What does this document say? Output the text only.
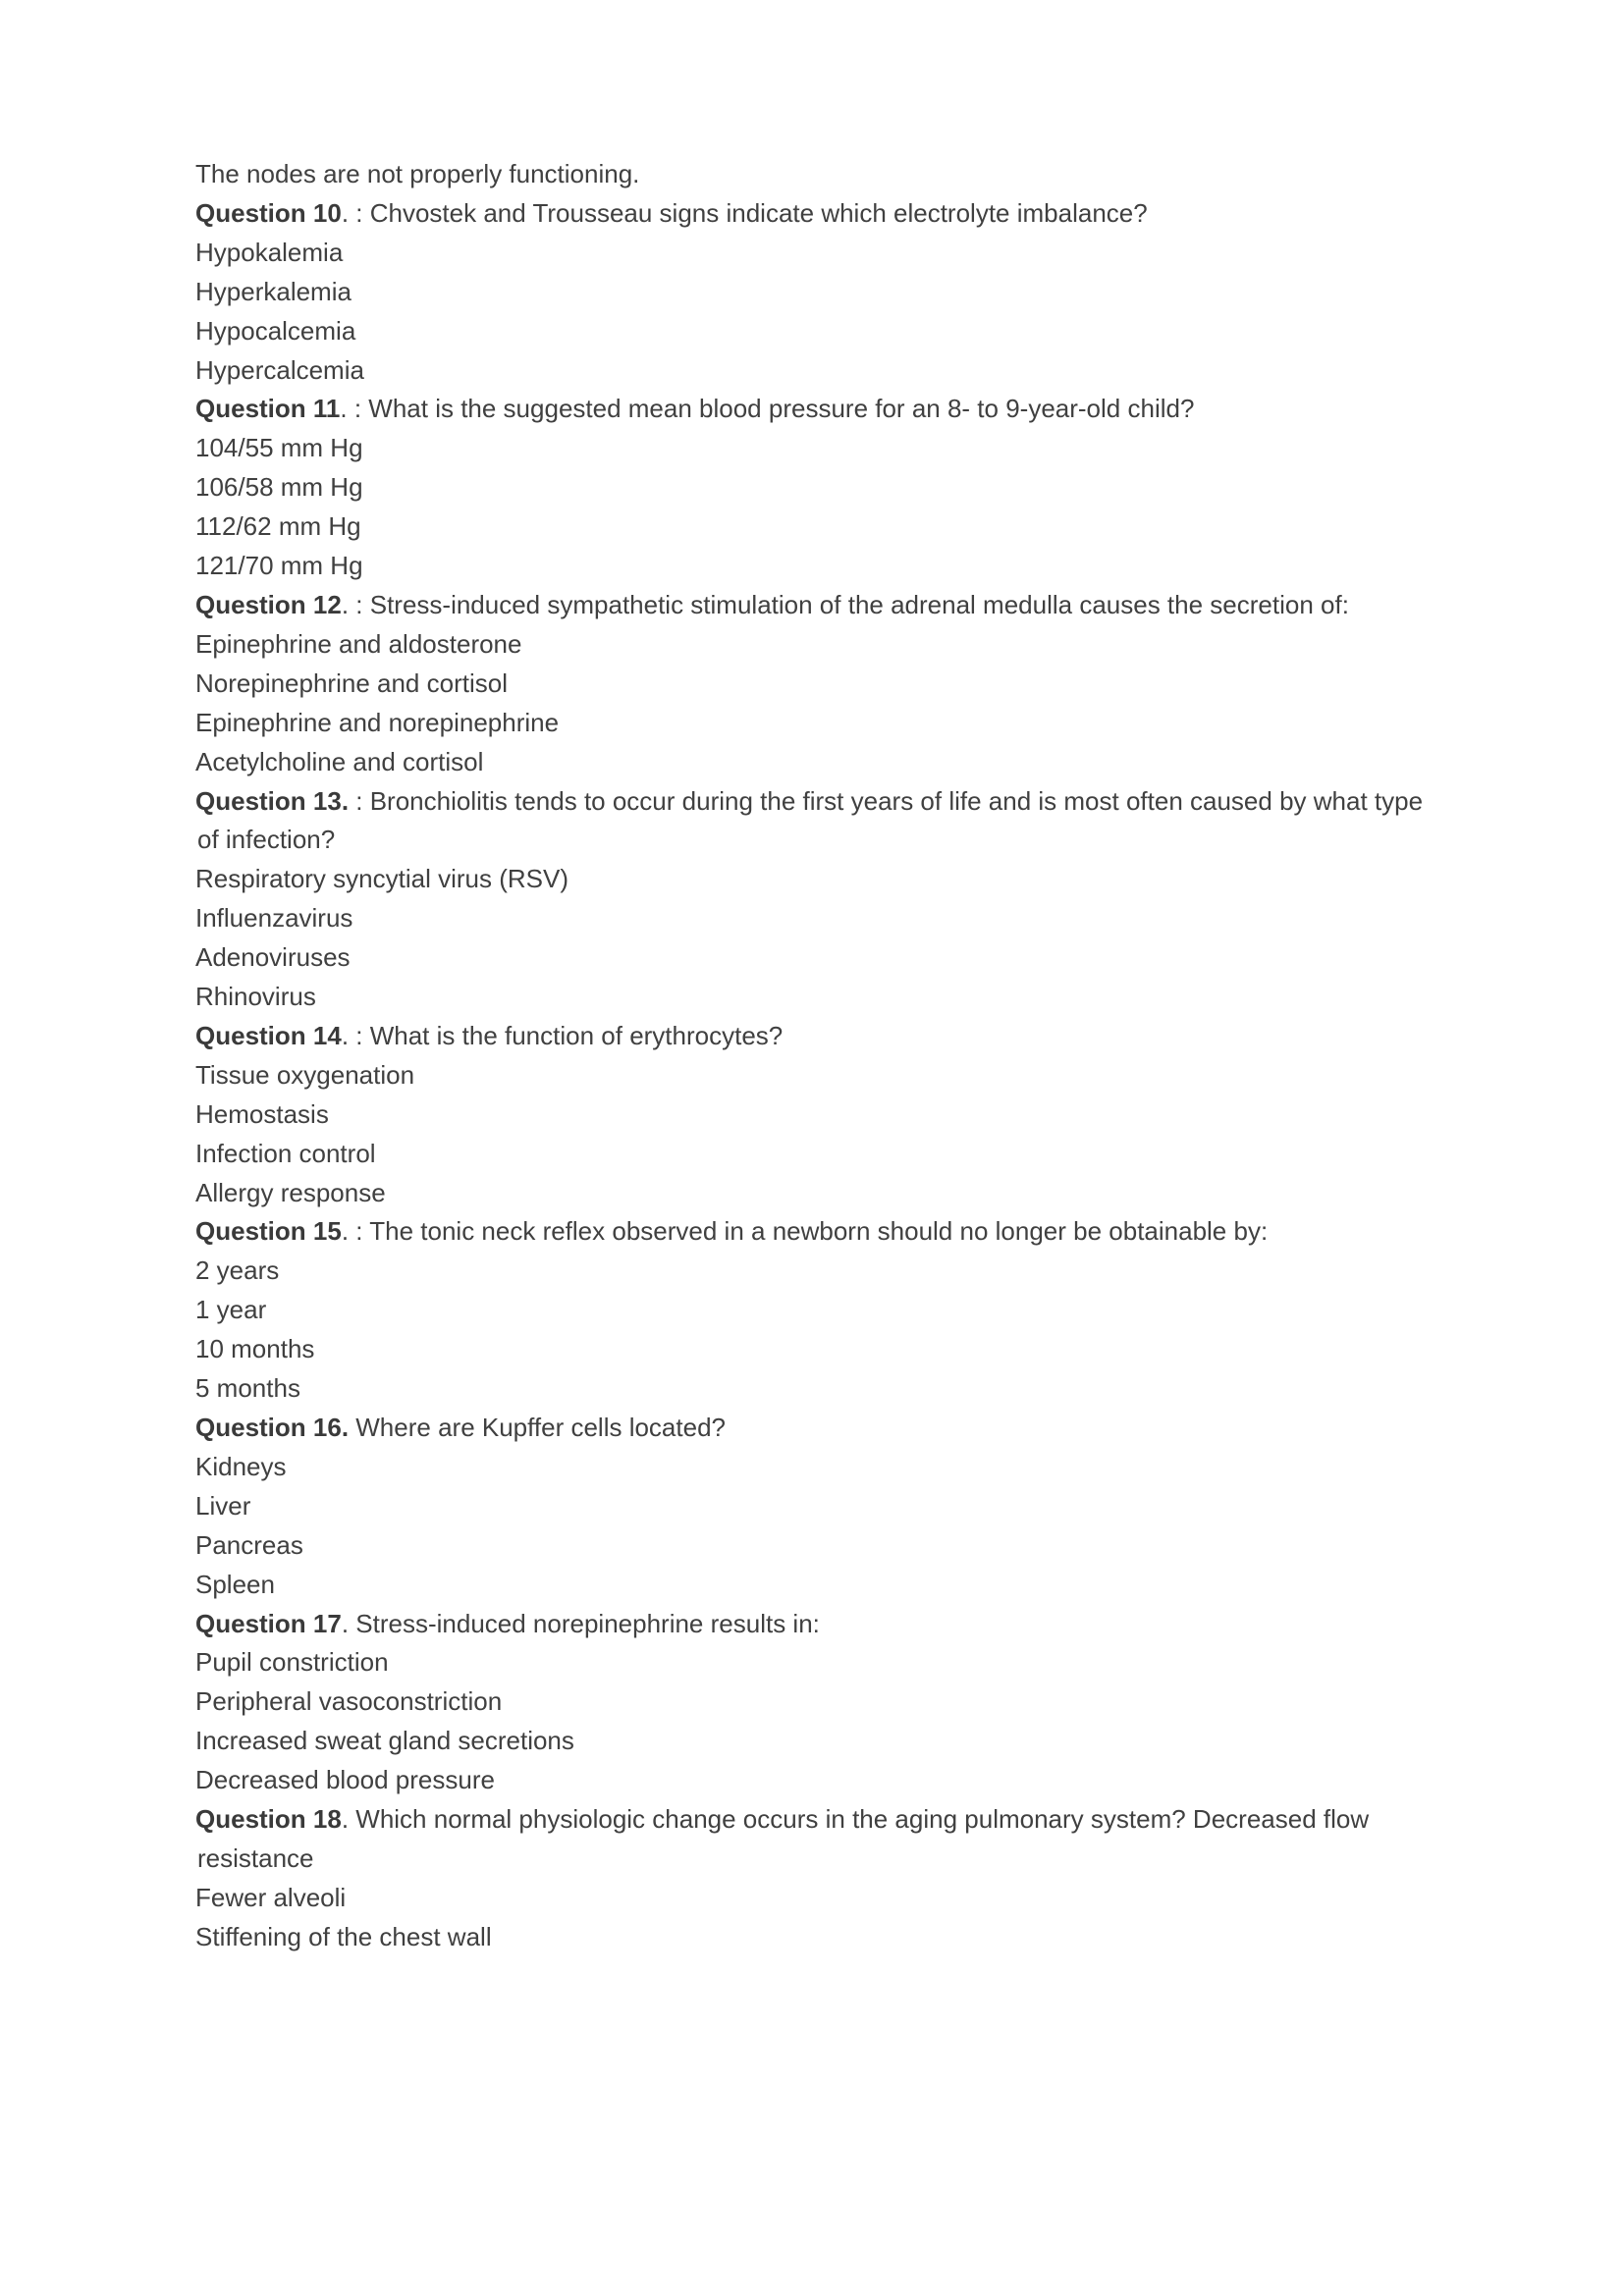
The nodes are not properly functioning.
Question 10. : Chvostek and Trousseau signs indicate which electrolyte imbalance?
Hypokalemia
Hyperkalemia
Hypocalcemia
Hypercalcemia
Question 11. : What is the suggested mean blood pressure for an 8- to 9-year-old child?
104/55 mm Hg
106/58 mm Hg
112/62 mm Hg
121/70 mm Hg
Question 12. : Stress-induced sympathetic stimulation of the adrenal medulla causes the secretion of:
Epinephrine and aldosterone
Norepinephrine and cortisol
Epinephrine and norepinephrine
Acetylcholine and cortisol
Question 13. : Bronchiolitis tends to occur during the first years of life and is most often caused by what type
of infection?
Respiratory syncytial virus (RSV)
Influenzavirus
Adenoviruses
Rhinovirus
Question 14. : What is the function of erythrocytes?
Tissue oxygenation
Hemostasis
Infection control
Allergy response
Question 15. : The tonic neck reflex observed in a newborn should no longer be obtainable by:
2 years
1 year
10 months
5 months
Question 16. Where are Kupffer cells located?
Kidneys
Liver
Pancreas
Spleen
Question 17. Stress-induced norepinephrine results in:
Pupil constriction
Peripheral vasoconstriction
Increased sweat gland secretions
Decreased blood pressure
Question 18. Which normal physiologic change occurs in the aging pulmonary system? Decreased flow
resistance
Fewer alveoli
Stiffening of the chest wall
